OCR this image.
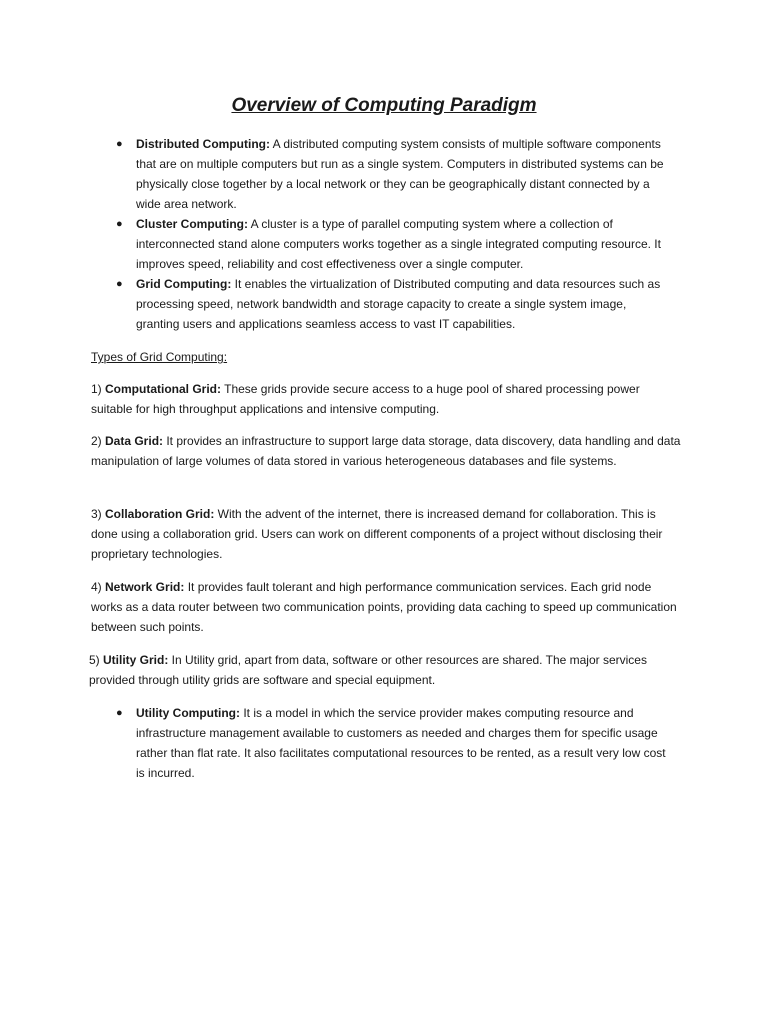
Overview of Computing Paradigm
● Distributed Computing: A distributed computing system consists of multiple software components that are on multiple computers but run as a single system. Computers in distributed systems can be physically close together by a local network or they can be geographically distant connected by a wide area network.
● Cluster Computing: A cluster is a type of parallel computing system where a collection of interconnected stand alone computers works together as a single integrated computing resource. It improves speed, reliability and cost effectiveness over a single computer.
● Grid Computing: It enables the virtualization of Distributed computing and data resources such as processing speed, network bandwidth and storage capacity to create a single system image, granting users and applications seamless access to vast IT capabilities.

Types of Grid Computing:

1) Computational Grid: These grids provide secure access to a huge pool of shared processing power suitable for high throughput applications and intensive computing.

2) Data Grid: It provides an infrastructure to support large data storage, data discovery, data handling and data manipulation of large volumes of data stored in various heterogeneous databases and file systems.

3) Collaboration Grid: With the advent of the internet, there is increased demand for collaboration. This is done using a collaboration grid. Users can work on different components of a project without disclosing their proprietary technologies.

4) Network Grid: It provides fault tolerant and high performance communication services. Each grid node works as a data router between two communication points, providing data caching to speed up communication between such points.

5) Utility Grid: In Utility grid, apart from data, software or other resources are shared. The major services provided through utility grids are software and special equipment.

● Utility Computing: It is a model in which the service provider makes computing resource and infrastructure management available to customers as needed and charges them for specific usage rather than flat rate. It also facilitates computational resources to be rented, as a result very low cost is incurred.
